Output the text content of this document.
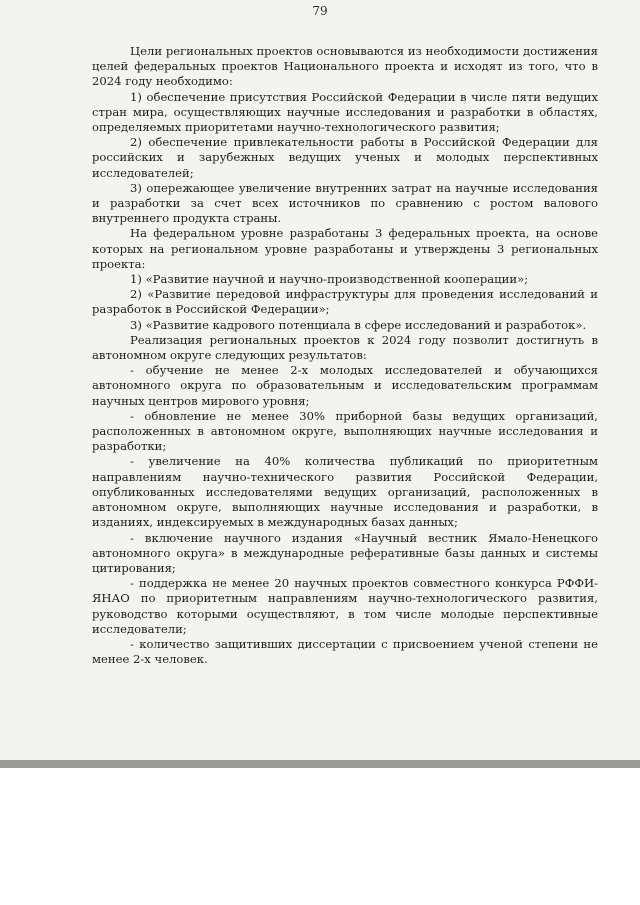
79

Цели региональных проектов основываются из необходимости достижения целей федеральных проектов Национального проекта и исходят из того, что в 2024 году необходимо:

1) обеспечение присутствия Российской Федерации в числе пяти ведущих стран мира, осуществляющих научные исследования и разработки в областях, определяемых приоритетами научно-технологического развития;

2) обеспечение привлекательности работы в Российской Федерации для российских и зарубежных ведущих ученых и молодых перспективных исследователей;

3) опережающее увеличение внутренних затрат на научные исследования и разработки за счет всех источников по сравнению с ростом валового внутреннего продукта страны.

На федеральном уровне разработаны 3 федеральных проекта, на основе которых на региональном уровне разработаны и утверждены 3 региональных проекта:

1) «Развитие научной и научно-производственной кооперации»;

2) «Развитие передовой инфраструктуры для проведения исследований и разработок в Российской Федерации»;

3) «Развитие кадрового потенциала в сфере исследований и разработок».

Реализация региональных проектов к 2024 году позволит достигнуть в автономном округе следующих результатов:

- обучение не менее 2-х молодых исследователей и обучающихся автономного округа по образовательным и исследовательским программам научных центров мирового уровня;

- обновление не менее 30% приборной базы ведущих организаций, расположенных в автономном округе, выполняющих научные исследования и разработки;

- увеличение на 40% количества публикаций по приоритетным направлениям научно-технического развития Российской Федерации, опубликованных исследователями ведущих организаций, расположенных в автономном округе, выполняющих научные исследования и разработки, в изданиях, индексируемых в международных базах данных;

- включение научного издания «Научный вестник Ямало-Ненецкого автономного округа» в международные реферативные базы данных и системы цитирования;

- поддержка не менее 20 научных проектов совместного конкурса РФФИ-ЯНАО по приоритетным направлениям научно-технологического развития, руководство которыми осуществляют, в том числе молодые перспективные исследователи;

- количество защитивших диссертации с присвоением ученой степени не менее 2-х человек.
